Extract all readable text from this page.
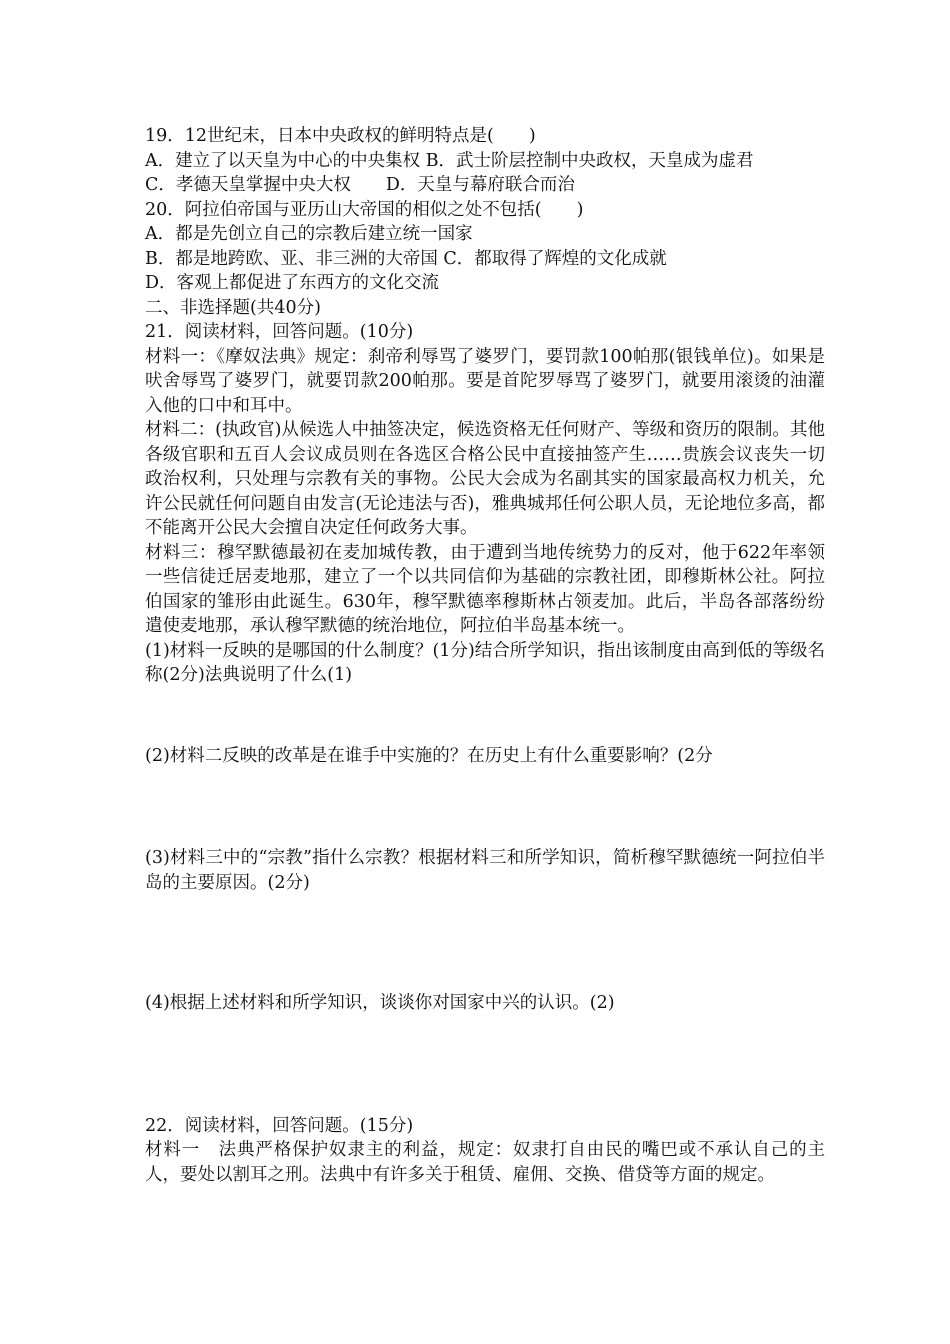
19．12世纪末，日本中央政权的鲜明特点是(　　)
A．建立了以天皇为中心的中央集权 B．武士阶层控制中央政权，天皇成为虚君
C．孝德天皇掌握中央大权　　D．天皇与幕府联合而治
20．阿拉伯帝国与亚历山大帝国的相似之处不包括(　　)
A．都是先创立自己的宗教后建立统一国家
B．都是地跨欧、亚、非三洲的大帝国 C．都取得了辉煌的文化成就
D．客观上都促进了东西方的文化交流
二、非选择题(共40分)
21．阅读材料，回答问题。(10分)
材料一：《摩奴法典》规定：刹帝利辱骂了婆罗门，要罚款100帕那(银钱单位)。如果是吠舍辱骂了婆罗门，就要罚款200帕那。要是首陀罗辱骂了婆罗门，就要用滚烫的油灌入他的口中和耳中。
材料二：(执政官)从候选人中抽签决定，候选资格无任何财产、等级和资历的限制。其他各级官职和五百人会议成员则在各选区合格公民中直接抽签产生……贵族会议丧失一切政治权利，只处理与宗教有关的事物。公民大会成为名副其实的国家最高权力机关，允许公民就任何问题自由发言(无论违法与否)，雅典城邦任何公职人员，无论地位多高，都不能离开公民大会擅自决定任何政务大事。
材料三：穆罕默德最初在麦加城传教，由于遭到当地传统势力的反对，他于622年率领一些信徒迁居麦地那，建立了一个以共同信仰为基础的宗教社团，即穆斯林公社。阿拉伯国家的雏形由此诞生。630年，穆罕默德率穆斯林占领麦加。此后，半岛各部落纷纷遣使麦地那，承认穆罕默德的统治地位，阿拉伯半岛基本统一。
(1)材料一反映的是哪国的什么制度？(1分)结合所学知识，指出该制度由高到低的等级名称(2分)法典说明了什么(1)
(2)材料二反映的改革是在谁手中实施的？在历史上有什么重要影响？(2分
(3)材料三中的“宗教”指什么宗教？根据材料三和所学知识，简析穆罕默德统一阿拉伯半岛的主要原因。(2分)
(4)根据上述材料和所学知识，谈谈你对国家中兴的认识。(2)
22．阅读材料，回答问题。(15分)
材料一　法典严格保护奴隶主的利益，规定：奴隶打自由民的嘴巴或不承认自己的主人，要处以割耳之刑。法典中有许多关于租赁、雇佣、交换、借贷等方面的规定。
